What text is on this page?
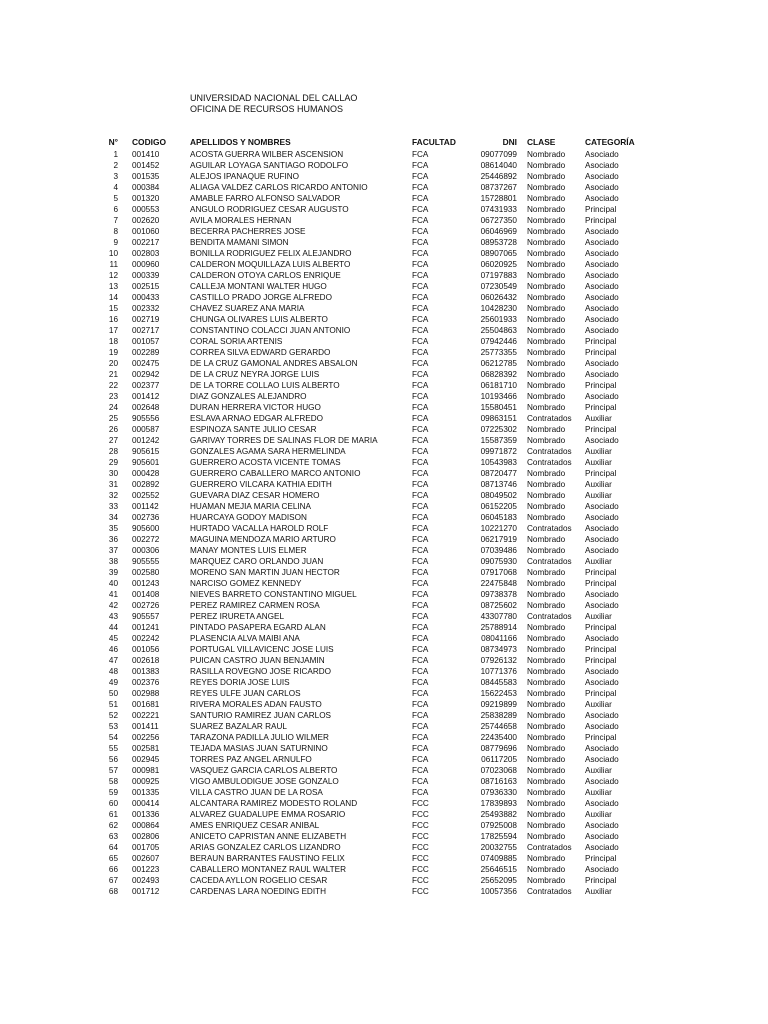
UNIVERSIDAD NACIONAL DEL CALLAO
OFICINA DE RECURSOS HUMANOS
N°	CODIGO	APELLIDOS Y NOMBRES	FACULTAD	DNI	CLASE	CATEGORÍA
1	001410	ACOSTA GUERRA WILBER ASCENSION	FCA	09077099	Nombrado	Asociado
2	001452	AGUILAR LOYAGA SANTIAGO RODOLFO	FCA	08614040	Nombrado	Asociado
3	001535	ALEJOS IPANAQUE RUFINO	FCA	25446892	Nombrado	Asociado
4	000384	ALIAGA VALDEZ CARLOS RICARDO ANTONIO	FCA	08737267	Nombrado	Asociado
5	001320	AMABLE FARRO ALFONSO SALVADOR	FCA	15728801	Nombrado	Asociado
6	000553	ANGULO RODRIGUEZ CESAR AUGUSTO	FCA	07431933	Nombrado	Principal
7	002620	AVILA MORALES HERNAN	FCA	06727350	Nombrado	Principal
8	001060	BECERRA PACHERRES JOSE	FCA	06046969	Nombrado	Asociado
9	002217	BENDITA MAMANI SIMON	FCA	08953728	Nombrado	Asociado
10	002803	BONILLA RODRIGUEZ FELIX ALEJANDRO	FCA	08907065	Nombrado	Asociado
11	000960	CALDERON MOQUILLAZA LUIS ALBERTO	FCA	06020925	Nombrado	Asociado
12	000339	CALDERON OTOYA CARLOS ENRIQUE	FCA	07197883	Nombrado	Asociado
13	002515	CALLEJA MONTANI WALTER HUGO	FCA	07230549	Nombrado	Asociado
14	000433	CASTILLO PRADO JORGE ALFREDO	FCA	06026432	Nombrado	Asociado
15	002332	CHAVEZ SUAREZ ANA MARIA	FCA	10428230	Nombrado	Asociado
16	002719	CHUNGA OLIVARES LUIS ALBERTO	FCA	25601933	Nombrado	Asociado
17	002717	CONSTANTINO COLACCI JUAN ANTONIO	FCA	25504863	Nombrado	Asociado
18	001057	CORAL SORIA ARTENIS	FCA	07942446	Nombrado	Principal
19	002289	CORREA SILVA EDWARD GERARDO	FCA	25773355	Nombrado	Principal
20	002475	DE LA CRUZ GAMONAL ANDRES ABSALON	FCA	06212785	Nombrado	Asociado
21	002942	DE LA CRUZ NEYRA JORGE LUIS	FCA	06828392	Nombrado	Asociado
22	002377	DE LA TORRE COLLAO LUIS ALBERTO	FCA	06181710	Nombrado	Principal
23	001412	DIAZ GONZALES ALEJANDRO	FCA	10193466	Nombrado	Asociado
24	002648	DURAN HERRERA VICTOR HUGO	FCA	15580451	Nombrado	Principal
25	905556	ESLAVA ARNAO EDGAR ALFREDO	FCA	09863151	Contratados	Auxiliar
26	000587	ESPINOZA SANTE JULIO CESAR	FCA	07225302	Nombrado	Principal
27	001242	GARIVAY TORRES DE SALINAS FLOR DE MARIA	FCA	15587359	Nombrado	Asociado
28	905615	GONZALES AGAMA SARA HERMELINDA	FCA	09971872	Contratados	Auxiliar
29	905601	GUERRERO ACOSTA VICENTE TOMAS	FCA	10543983	Contratados	Auxiliar
30	000428	GUERRERO CABALLERO MARCO ANTONIO	FCA	08720477	Nombrado	Principal
31	002892	GUERRERO VILCARA KATHIA EDITH	FCA	08713746	Nombrado	Auxiliar
32	002552	GUEVARA DIAZ CESAR HOMERO	FCA	08049502	Nombrado	Auxiliar
33	001142	HUAMAN MEJIA MARIA CELINA	FCA	06152205	Nombrado	Asociado
34	002736	HUARCAYA GODOY MADISON	FCA	06045183	Nombrado	Asociado
35	905600	HURTADO VACALLA HAROLD ROLF	FCA	10221270	Contratados	Asociado
36	002272	MAGUINA MENDOZA MARIO ARTURO	FCA	06217919	Nombrado	Asociado
37	000306	MANAY MONTES LUIS ELMER	FCA	07039486	Nombrado	Asociado
38	905555	MARQUEZ CARO ORLANDO JUAN	FCA	09075930	Contratados	Auxiliar
39	002580	MORENO SAN MARTIN JUAN HECTOR	FCA	07917068	Nombrado	Principal
40	001243	NARCISO GOMEZ KENNEDY	FCA	22475848	Nombrado	Principal
41	001408	NIEVES BARRETO CONSTANTINO MIGUEL	FCA	09738378	Nombrado	Asociado
42	002726	PEREZ RAMIREZ CARMEN ROSA	FCA	08725602	Nombrado	Asociado
43	905557	PEREZ IRURETA ANGEL	FCA	43307780	Contratados	Auxiliar
44	001241	PINTADO PASAPERA EGARD ALAN	FCA	25788914	Nombrado	Principal
45	002242	PLASENCIA ALVA MAIBI ANA	FCA	08041166	Nombrado	Asociado
46	001056	PORTUGAL VILLAVICENC JOSE LUIS	FCA	08734973	Nombrado	Principal
47	002618	PUICAN CASTRO JUAN BENJAMIN	FCA	07926132	Nombrado	Principal
48	001383	RASILLA ROVEGNO JOSE RICARDO	FCA	10771376	Nombrado	Asociado
49	002376	REYES DORIA JOSE LUIS	FCA	08445583	Nombrado	Asociado
50	002988	REYES ULFE JUAN CARLOS	FCA	15622453	Nombrado	Principal
51	001681	RIVERA MORALES ADAN FAUSTO	FCA	09219899	Nombrado	Auxiliar
52	002221	SANTURIO RAMIREZ JUAN CARLOS	FCA	25838289	Nombrado	Asociado
53	001411	SUAREZ BAZALAR RAUL	FCA	25744658	Nombrado	Asociado
54	002256	TARAZONA PADILLA JULIO WILMER	FCA	22435400	Nombrado	Principal
55	002581	TEJADA MASIAS JUAN SATURNINO	FCA	08779696	Nombrado	Asociado
56	002945	TORRES PAZ ANGEL ARNULFO	FCA	06117205	Nombrado	Asociado
57	000981	VASQUEZ GARCIA CARLOS ALBERTO	FCA	07023068	Nombrado	Auxiliar
58	000925	VIGO AMBULODIGUE JOSE GONZALO	FCA	08716163	Nombrado	Asociado
59	001335	VILLA CASTRO JUAN DE LA ROSA	FCA	07936330	Nombrado	Auxiliar
60	000414	ALCANTARA RAMIREZ MODESTO ROLAND	FCC	17839893	Nombrado	Asociado
61	001336	ALVAREZ GUADALUPE EMMA ROSARIO	FCC	25493882	Nombrado	Auxiliar
62	000864	AMES ENRIQUEZ CESAR ANIBAL	FCC	07925008	Nombrado	Asociado
63	002806	ANICETO CAPRISTAN ANNE ELIZABETH	FCC	17825594	Nombrado	Asociado
64	001705	ARIAS GONZALEZ CARLOS LIZANDRO	FCC	20032755	Contratados	Asociado
65	002607	BERAUN BARRANTES FAUSTINO FELIX	FCC	07409885	Nombrado	Principal
66	001223	CABALLERO MONTANEZ RAUL WALTER	FCC	25646515	Nombrado	Asociado
67	002493	CACEDA AYLLON ROGELIO CESAR	FCC	25652095	Nombrado	Principal
68	001712	CARDENAS LARA NOEDING EDITH	FCC	10057356	Contratados	Auxiliar
